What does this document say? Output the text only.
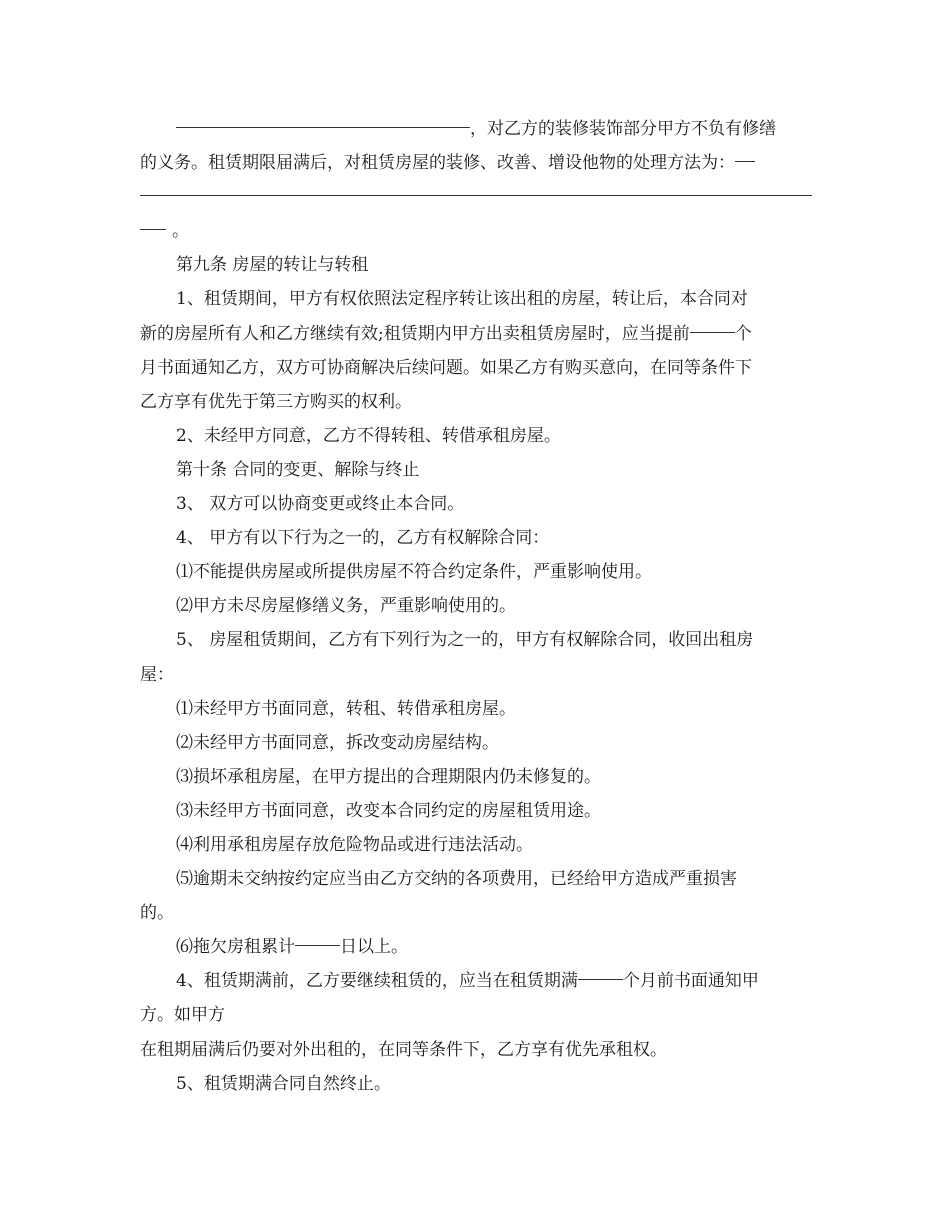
，对乙方的装修装饰部分甲方不负有修缮
的义务。租赁期限届满后，对租赁房屋的装修、改善、增设他物的处理方法为：
。
第九条 房屋的转让与转租
1、租赁期间，甲方有权依照法定程序转让该出租的房屋，转让后，本合同对
新的房屋所有人和乙方继续有效;租赁期内甲方出卖租赁房屋时，应当提前	个
月书面通知乙方，双方可协商解决后续问题。如果乙方有购买意向，在同等条件下
乙方享有优先于第三方购买的权利。
2、未经甲方同意，乙方不得转租、转借承租房屋。
第十条 合同的变更、解除与终止
3、 双方可以协商变更或终止本合同。
4、 甲方有以下行为之一的，乙方有权解除合同：
⑴不能提供房屋或所提供房屋不符合约定条件，严重影响使用。
⑵甲方未尽房屋修缮义务，严重影响使用的。
5、 房屋租赁期间，乙方有下列行为之一的，甲方有权解除合同，收回出租房
屋：
⑴未经甲方书面同意，转租、转借承租房屋。
⑵未经甲方书面同意，拆改变动房屋结构。
⑶损坏承租房屋，在甲方提出的合理期限内仍未修复的。
⑶未经甲方书面同意，改变本合同约定的房屋租赁用途。
⑷利用承租房屋存放危险物品或进行违法活动。
⑸逾期未交纳按约定应当由乙方交纳的各项费用，已经给甲方造成严重损害
的。
⑹拖欠房租累计	日以上。
4、租赁期满前，乙方要继续租赁的，应当在租赁期满	个月前书面通知甲
方。如甲方
在租期届满后仍要对外出租的，在同等条件下，乙方享有优先承租权。
5、租赁期满合同自然终止。
